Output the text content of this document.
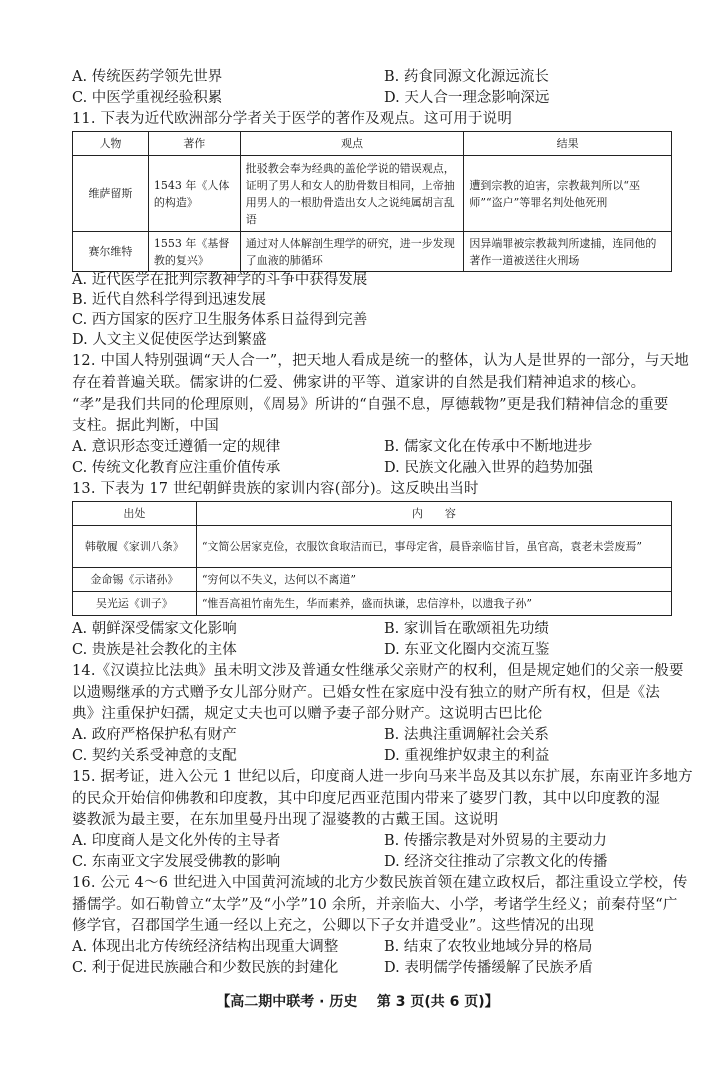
A. 传统医药学领先世界	B. 药食同源文化源远流长
C. 中医学重视经验积累	D. 天人合一理念影响深远
11. 下表为近代欧洲部分学者关于医学的著作及观点。这可用于说明
人物	著作	观点	结果
维萨留斯	1543 年《人体的构造》	批驳教会奉为经典的盖伦学说的错误观点，证明了男人和女人的肋骨数目相同，上帝抽用男人的一根肋骨造出女人之说纯属胡言乱语	遭到宗教的迫害，宗教裁判所以“巫师”“盗户”等罪名判处他死刑
赛尔维特	1553 年《基督教的复兴》	通过对人体解剖生理学的研究，进一步发现了血液的肺循环	因异端罪被宗教裁判所逮捕，连同他的著作一道被送往火刑场
A. 近代医学在批判宗教神学的斗争中获得发展
B. 近代自然科学得到迅速发展
C. 西方国家的医疗卫生服务体系日益得到完善
D. 人文主义促使医学达到繁盛
12. 中国人特别强调“天人合一”，把天地人看成是统一的整体，认为人是世界的一部分，与天地
存在着普遍关联。儒家讲的仁爱、佛家讲的平等、道家讲的自然是我们精神追求的核心。
“孝”是我们共同的伦理原则，《周易》所讲的“自强不息，厚德载物”更是我们精神信念的重要
支柱。据此判断，中国
A. 意识形态变迁遵循一定的规律	B. 儒家文化在传承中不断地进步
C. 传统文化教育应注重价值传承	D. 民族文化融入世界的趋势加强
13. 下表为 17 世纪朝鲜贵族的家训内容(部分)。这反映出当时
出处	内　　容
韩敬履《家训八条》	“文简公居家克俭，衣服饮食取洁而已，事母定省，晨昏亲临甘旨，虽官高，袁老未尝废焉”
金命锡《示诸孙》	“穷何以不失义，达何以不离道”
吴光运《训子》	“惟吾高祖竹南先生，华而素养，盛而执谦，忠信淳朴，以遗我子孙”
A. 朝鲜深受儒家文化影响	B. 家训旨在歌颂祖先功绩
C. 贵族是社会教化的主体	D. 东亚文化圈内交流互鉴
14.《汉谟拉比法典》虽未明文涉及普通女性继承父亲财产的权利，但是规定她们的父亲一般要
以遗赐继承的方式赠予女儿部分财产。已婚女性在家庭中没有独立的财产所有权，但是《法
典》注重保护妇孺，规定丈夫也可以赠予妻子部分财产。这说明古巴比伦
A. 政府严格保护私有财产	B. 法典注重调解社会关系
C. 契约关系受神意的支配	D. 重视维护奴隶主的利益
15. 据考证，进入公元 1 世纪以后，印度商人进一步向马来半岛及其以东扩展，东南亚许多地方
的民众开始信仰佛教和印度教，其中印度尼西亚范围内带来了婆罗门教，其中以印度教的湿
婆教派为最主要，在东加里曼丹出现了湿婆教的古戴王国。这说明
A. 印度商人是文化外传的主导者	B. 传播宗教是对外贸易的主要动力
C. 东南亚文字发展受佛教的影响	D. 经济交往推动了宗教文化的传播
16. 公元 4～6 世纪进入中国黄河流域的北方少数民族首领在建立政权后，都注重设立学校，传
播儒学。如石勒曾立“太学”及“小学”10 余所，并亲临大、小学，考诸学生经义；前秦苻坚“广
修学官，召郡国学生通一经以上充之，公卿以下子女并遣受业”。这些情况的出现
A. 体现出北方传统经济结构出现重大调整	B. 结束了农牧业地域分异的格局
C. 利于促进民族融合和少数民族的封建化	D. 表明儒学传播缓解了民族矛盾
【高二期中联考 · 历史 第 3 页(共 6 页)】
